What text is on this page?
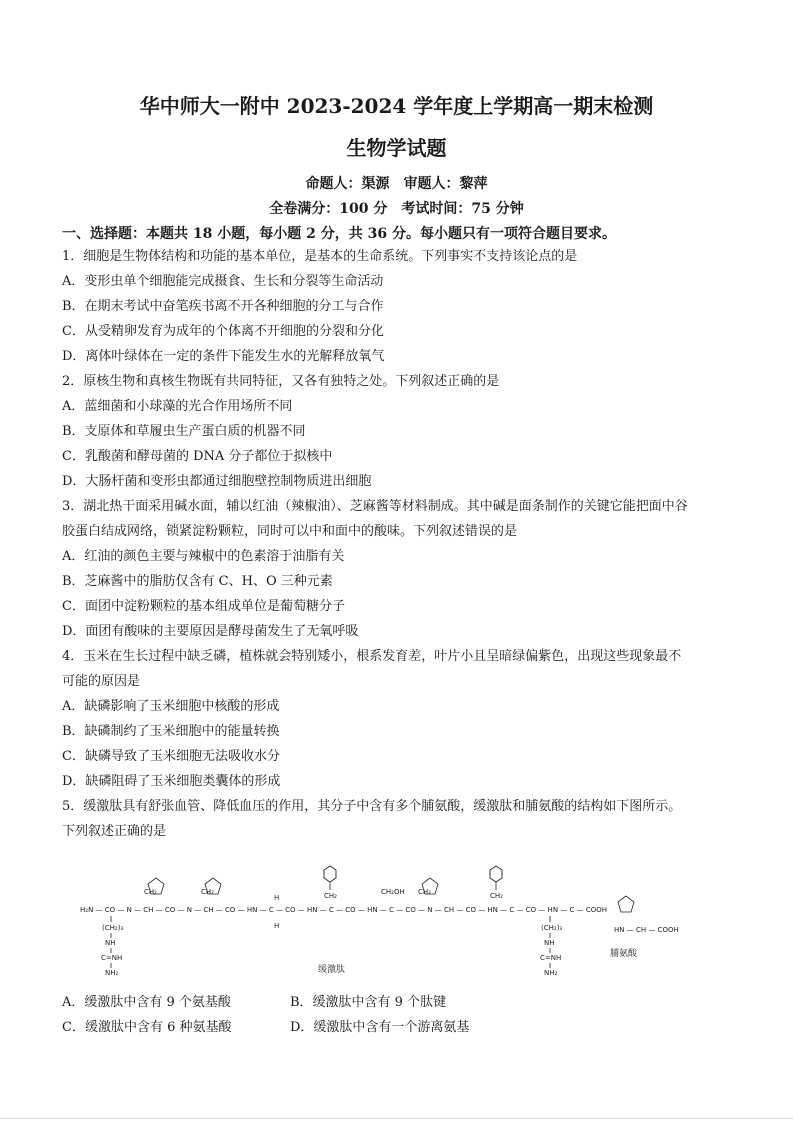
华中师大一附中 2023-2024 学年度上学期高一期末检测
生物学试题
命题人：渠源　审题人：黎萍
全卷满分：100 分　考试时间：75 分钟
一、选择题：本题共 18 小题，每小题 2 分，共 36 分。每小题只有一项符合题目要求。
1．细胞是生物体结构和功能的基本单位，是基本的生命系统。下列事实不支持该论点的是
A．变形虫单个细胞能完成摄食、生长和分裂等生命活动
B．在期末考试中奋笔疾书离不开各种细胞的分工与合作
C．从受精卵发育为成年的个体离不开细胞的分裂和分化
D．离体叶绿体在一定的条件下能发生水的光解释放氧气
2．原核生物和真核生物既有共同特征，又各有独特之处。下列叙述正确的是
A．蓝细菌和小球藻的光合作用场所不同
B．支原体和草履虫生产蛋白质的机器不同
C．乳酸菌和酵母菌的 DNA 分子都位于拟核中
D．大肠杆菌和变形虫都通过细胞壁控制物质进出细胞
3．湖北热干面采用碱水面，辅以红油（辣椒油）、芝麻酱等材料制成。其中碱是面条制作的关键它能把面中谷
胶蛋白结成网络，锁紧淀粉颗粒，同时可以中和面中的酸味。下列叙述错误的是
A．红油的颜色主要与辣椒中的色素溶于油脂有关
B．芝麻酱中的脂肪仅含有 C、H、O 三种元素
C．面团中淀粉颗粒的基本组成单位是葡萄糖分子
D．面团有酸味的主要原因是酵母菌发生了无氧呼吸
4．玉米在生长过程中缺乏磷，植株就会特别矮小，根系发育差，叶片小且呈暗绿偏紫色，出现这些现象最不
可能的原因是
A．缺磷影响了玉米细胞中核酸的形成
B．缺磷制约了玉米细胞中的能量转换
C．缺磷导致了玉米细胞无法吸收水分
D．缺磷阻碍了玉米细胞类囊体的形成
5．缓激肽具有舒张血管、降低血压的作用，其分子中含有多个脯氨酸，缓激肽和脯氨酸的结构如下图所示。
下列叙述正确的是
H₂N — CO — N — CH — CO — N — CH — CO — HN — C — CO — HN — C — CO — HN — C — CO — N — CH — CO — HN — C — CO — HN — C — COOH
(CH₂)₃
NH
C=NH
NH₂
CH₂	CH₂	CH₂
CH₂	CH₂
CH₂OH
H
H	(CH₂)₃
NH
C=NH
NH₂
HN — CH — COOH
缓激肽
脯氨酸
A．缓激肽中含有 9 个氨基酸	B．缓激肽中含有 9 个肽键
C．缓激肽中含有 6 种氨基酸	D．缓激肽中含有一个游离氨基
